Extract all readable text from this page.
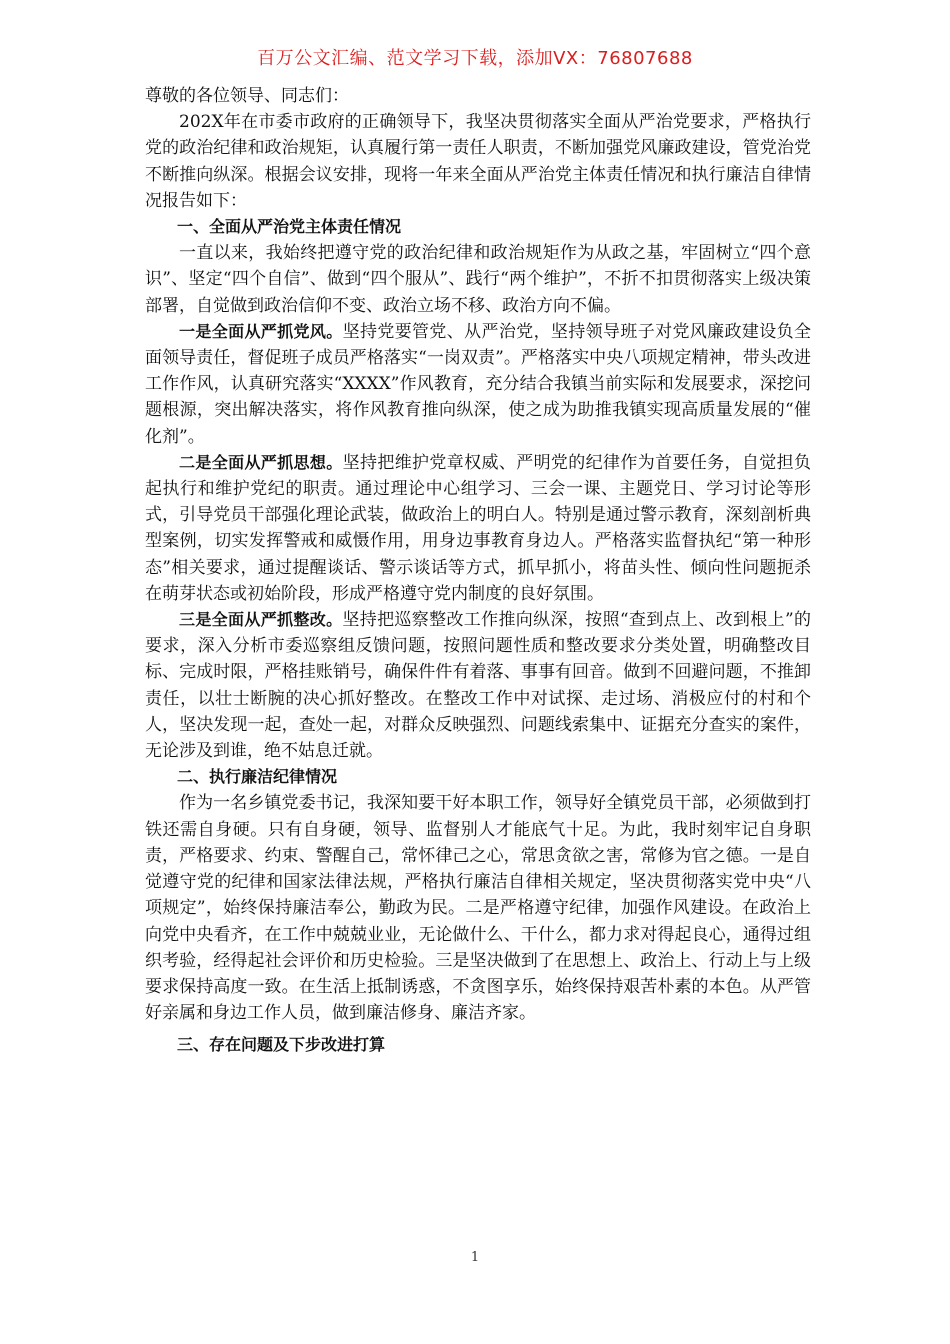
百万公文汇编、范文学习下载，添加VX：76807688

尊敬的各位领导、同志们：

202X年在市委市政府的正确领导下，我坚决贯彻落实全面从严治党要求，严格执行党的政治纪律和政治规矩，认真履行第一责任人职责，不断加强党风廉政建设，管党治党不断推向纵深。根据会议安排，现将一年来全面从严治党主体责任情况和执行廉洁自律情况报告如下：

一、全面从严治党主体责任情况

一直以来，我始终把遵守党的政治纪律和政治规矩作为从政之基，牢固树立“四个意识”、坚定“四个自信”、做到“四个服从”、践行“两个维护”，不折不扣贯彻落实上级决策部署，自觉做到政治信仰不变、政治立场不移、政治方向不偏。

一是全面从严抓党风。坚持党要管党、从严治党，坚持领导班子对党风廉政建设负全面领导责任，督促班子成员严格落实“一岗双责”。严格落实中央八项规定精神，带头改进工作作风，认真研究落实“XXXX”作风教育，充分结合我镇当前实际和发展要求，深挖问题根源，突出解决落实，将作风教育推向纵深，使之成为助推我镇实现高质量发展的“催化剂”。

二是全面从严抓思想。坚持把维护党章权威、严明党的纪律作为首要任务，自觉担负起执行和维护党纪的职责。通过理论中心组学习、三会一课、主题党日、学习讨论等形式，引导党员干部强化理论武装，做政治上的明白人。特别是通过警示教育，深刻剖析典型案例，切实发挥警戒和威慑作用，用身边事教育身边人。严格落实监督执纪“第一种形态”相关要求，通过提醒谈话、警示谈话等方式，抓早抓小，将苗头性、倾向性问题扼杀在萌芽状态或初始阶段，形成严格遵守党内制度的良好氛围。

三是全面从严抓整改。坚持把巡察整改工作推向纵深，按照“查到点上、改到根上”的要求，深入分析市委巡察组反馈问题，按照问题性质和整改要求分类处置，明确整改目标、完成时限，严格挂账销号，确保件件有着落、事事有回音。做到不回避问题，不推卸责任，以壮士断腕的决心抓好整改。在整改工作中对试探、走过场、消极应付的村和个人，坚决发现一起，查处一起，对群众反映强烈、问题线索集中、证据充分查实的案件，无论涉及到谁，绝不姑息迁就。

二、执行廉洁纪律情况

作为一名乡镇党委书记，我深知要干好本职工作，领导好全镇党员干部，必须做到打铁还需自身硬。只有自身硬，领导、监督别人才能底气十足。为此，我时刻牢记自身职责，严格要求、约束、警醒自己，常怀律己之心，常思贪欲之害，常修为官之德。一是自觉遵守党的纪律和国家法律法规，严格执行廉洁自律相关规定，坚决贯彻落实党中央“八项规定”，始终保持廉洁奉公，勤政为民。二是严格遵守纪律，加强作风建设。在政治上向党中央看齐，在工作中兢兢业业，无论做什么、干什么，都力求对得起良心，通得过组织考验，经得起社会评价和历史检验。三是坚决做到了在思想上、政治上、行动上与上级要求保持高度一致。在生活上抵制诱惑，不贪图享乐，始终保持艰苦朴素的本色。从严管好亲属和身边工作人员，做到廉洁修身、廉洁齐家。

三、存在问题及下步改进打算

1
